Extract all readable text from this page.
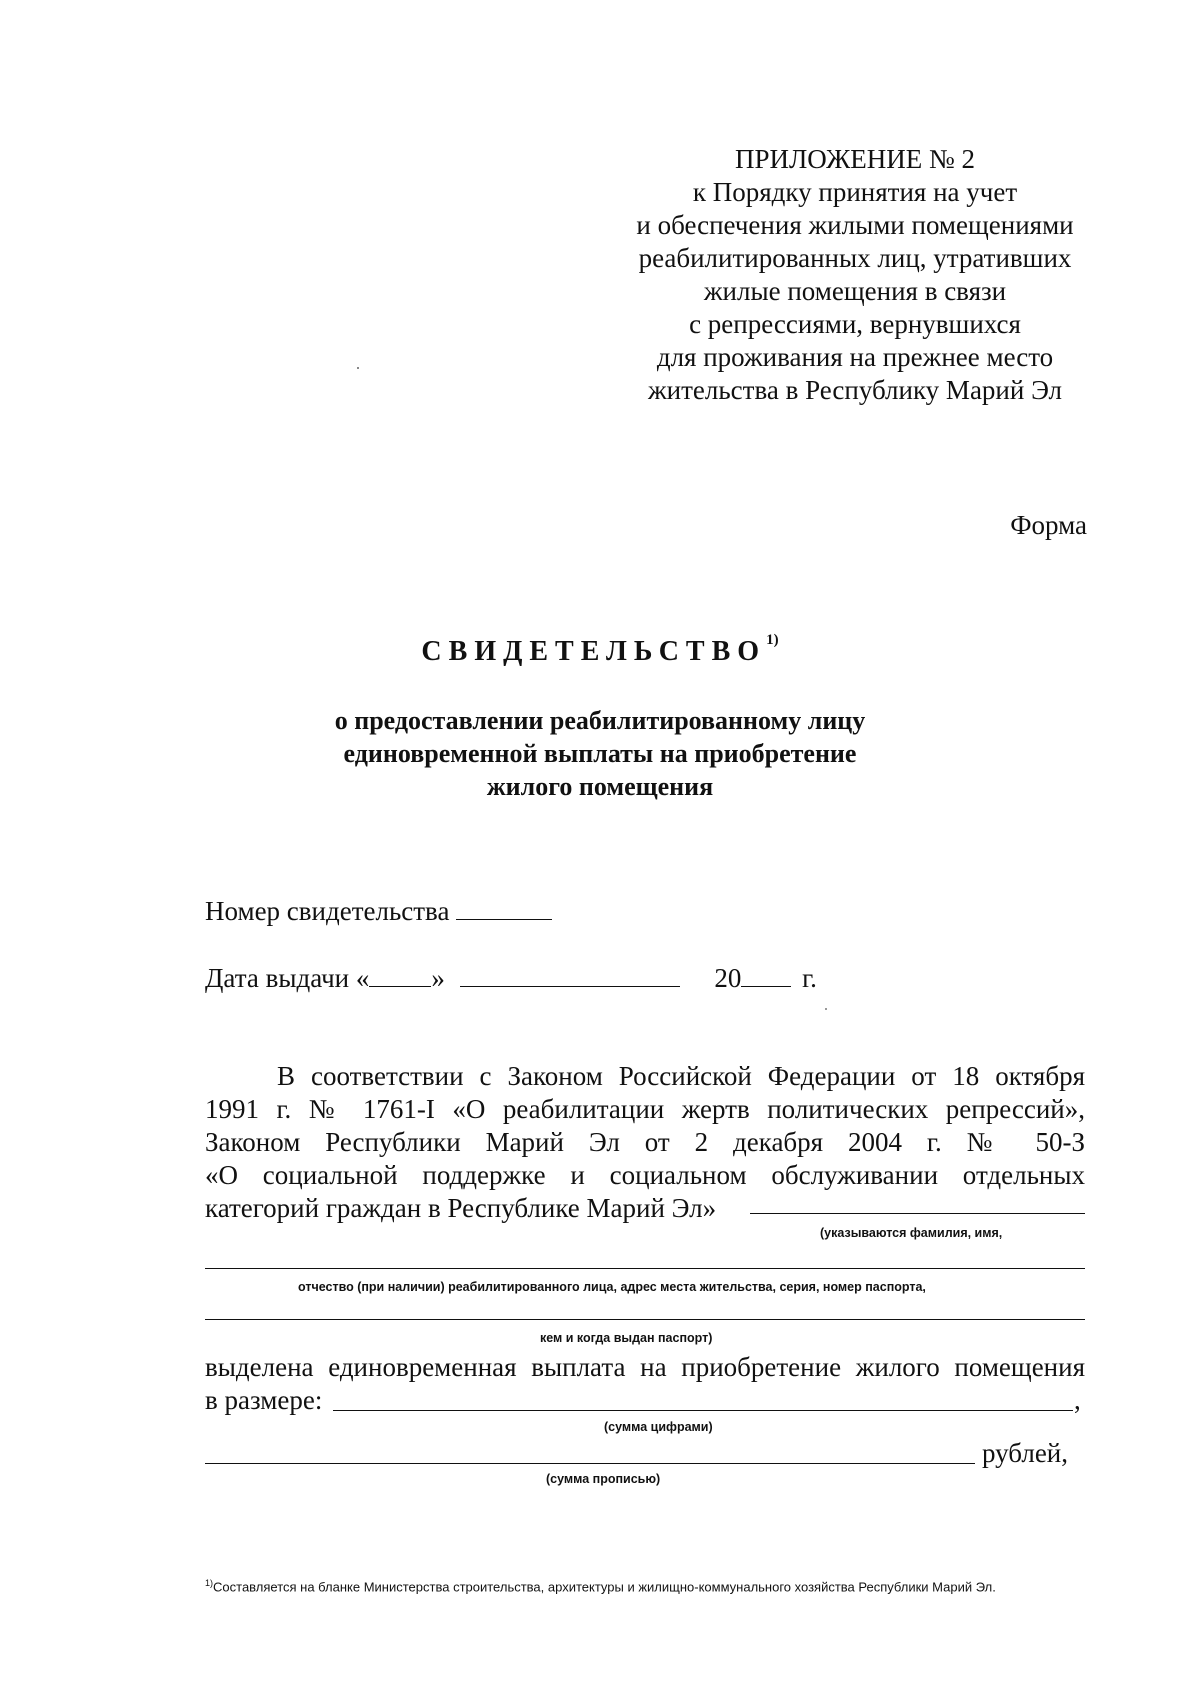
ПРИЛОЖЕНИЕ № 2
к Порядку принятия на учет
и обеспечения жилыми помещениями
реабилитированных лиц, утративших
жилые помещения в связи
с репрессиями, вернувшихся
для проживания на прежнее место
жительства в Республику Марий Эл
Форма
СВИДЕТЕЛЬСТВО$^{1)}$
о предоставлении реабилитированному лицу
единовременной выплаты на приобретение
жилого помещения
Номер свидетельства
Дата выдачи « »	20 г.

В соответствии с Законом Российской Федерации от 18 октября

1991 г. № 1761-I «О реабилитации жертв политических репрессий»,

Законом Республики Марий Эл от 2 декабря 2004 г. № 50-З

«О социальной поддержке и социальном обслуживании отдельных

категорий граждан в Республике Марий Эл»

(указываются фамилия, имя,
отчество (при наличии) реабилитированного лица, адрес места жительства, серия, номер паспорта,
кем и когда выдан паспорт)
выделена единовременная выплата на приобретение жилого помещения
в размере:	,
(сумма цифрами)
рублей,
(сумма прописью)
$^{1)}$Составляется на бланке Министерства строительства, архитектуры и жилищно-коммунального хозяйства Республики Марий Эл.
